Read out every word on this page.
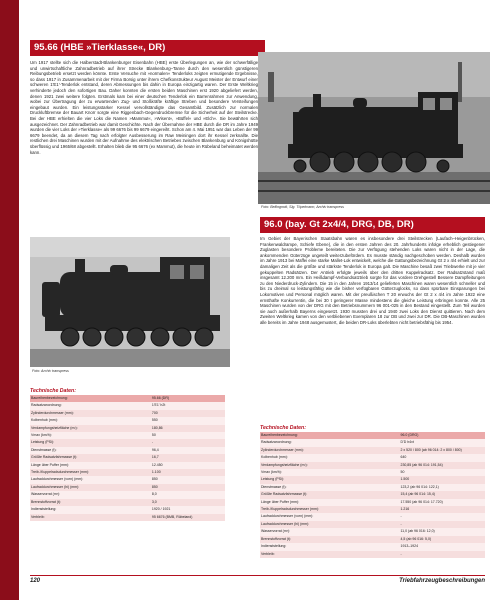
95.66 (HBE »Tierklasse«, DR)
Um 1917 stellte sich die Halberstadt-Blankenburger Eisenbahn (HBE) erste Überlegungen an, wie der schwerfällige und unwirtschaftliche Zahnradbetrieb auf ihrer Strecke Blankenburg–Tanne durch den wesentlich günstigeren Reibungsbetrieb ersetzt werden könnte. Erste Versuche mit »normalen« Tenderloks zeigten ermutigende Ergebnisse, so dass 1917 in Zusammenarbeit mit der Firma Borsig unter ihrem Chefkonstrukteur August Meister der Entwurf einer schweren 1'E1'-Tenderlok entstand, deren Abmessungen bis dahin in Europa einzigartig waren. Der Erste Weltkrieg verhinderte jedoch den sofortigen Bau. Daher konnten die ersten beiden Maschinen erst 1920 abgeliefert werden, denen 1921 zwei weitere folgten. Erstmals kam bei einer deutschen Tenderlok ein Barrenrahmen zur Anwendung, wobei zur Übertragung der zu erwartenden Zug- und Stoßkräfte kräftige Streben und besondere Versteifungen eingebaut wurden. Ein leistungsstarker Kessel vervollständigte das Gesamtbild. Zusätzlich zur normalen Druckluftbremse der Bauart Knorr sorgte eine Riggenbach-Gegendruckbremse für die Sicherheit auf der Steilstrecke. Bei der HBE erhielten die vier Loks die Namen »Mammut«, »Wisent«, »Büffel« und »Elch«. Sie bewährten sich ausgezeichnet. Der Zahnradbetrieb war damit Geschichte. Nach der Übernahme der HBE durch die DR im Jahre 1949 wurden die vier Loks der »Tierklasse« als 99 6676 bis 99 6679 eingereiht. Schon am 4. Mai 1951 war das Leben der 99 6679 beendet, da an diesem Tag nach erfolgter Ausbesserung im Raw Meiningen dort ihr Kessel zerknallte. Die restlichen drei Maschinen wurden mit der Aufnahme des elektrischen Betriebes zwischen Blankenburg und Königshütte überflüssig und 1965/68 abgestellt. Erhalten blieb die 95 6676 (ex Mammut), die heute im Rübeland beheimatet werden kann.
Foto: Bellingrodt, Slg. Töpelmann, Archiv transpress
Foto: Archiv transpress
Technische Daten:
Baureihenbezeichnung:	95.66 (DR)
Radsatzanordnung:	1'E1' h2t
Zylinderdurchmesser (mm):	700
Kolbenhub (mm):	550
Verdampfungsheizfläche (m²):	180,86
Vmax (km/h):	50
Leistung (PSi):	-
Dienstmasse (t):	96,4
Größte Radsatzfahrmasse (t):	16,7
Länge über Puffer (mm):	12.450
Treib-/Kuppelradsdurchmesser (mm):	1.100
Laufraddurchmesser (vorn) (mm):	850
Laufraddurchmesser (hi) (mm):	850
Wasservorrat (m³):	8,0
Brennstoffvorrat (t):	3,0
Indienststellung:	1920 / 1921
Verbleib:	95 6676 (BMB, Rübeland)
96.0 (bay. Gt 2x4/4, DRG, DB, DR)
Im Gebiet der Bayerischen Staatsbahn waren es insbesondere drei Steilstrecken (Laufach–Heigenbrücken, Frankenwaldrampe, Schiefe Ebene), die in den ersten Jahren des 20. Jahrhunderts infolge erheblich gestiegener Zuglasten besondere Probleme bereiteten. Die zur Verfügung stehenden Loks waren nicht in der Lage, die ankommenden Güterzüge ungeteilt weiterzubefördern. Es musste ständig nachgeschoben werden. Deshalb wurden im Jahre 1913 bei Maffei eine starke Mallet-Lok entwickelt, welche die Gattungsbezeichnung Gt 2 x 4/4 erhielt und zur damaligen Zeit als die größte und stärkste Tenderlok in Europa galt. Die Maschine besaß zwei Triebwerke mit je vier gekuppelten Radsätzen. Der Antrieb erfolgte jeweils über den dritten Kuppelradsatz. Der Radsatzstand maß insgesamt 12.200 mm. Ein Heißdampf-Verbundsatztrieb sorgte für das vordere Drehgestell Bessere Dampfleitungen zu den Niederdruck-Zylindern. Die 15 in den Jahren 1913/14 gelieferten Maschinen waren wesentlich schneller und bis zu dreimal so leistungsfähig wie die bisher verfügbaren Gütterzuglocks, so dass spürbare Einsparungen bei Lokomotiven und Personal möglich waren. Mit der preußischen T 20 erwuchs der Gt 2 x 4/4 im Jahre 1922 eine ernsthafte Konkurrentin, die bei 30 t geringerer Masse mindestens die gleiche Leistung erbringen konnte. Alle 25 Maschinen wurden von der DRG mit den Betriebsnummern 96 001-025 in den Bestand eingestellt. Zum Teil wurden sie auch außerhalb Bayerns eingesetzt. 1930 mussten drei und 1940 zwei Loks den Dienst quittieren. Nach dem Zweiten Weltkrieg kamen von den verbliebenen Exemplaren 18 zur DB und zwei zur DR. Die DB-Maschinen wurden alle bereits im Jahre 1948 ausgemustert, die beiden DR-Loks überlebten nicht betriebsfähig bis 1954.
Technische Daten:
Baureihenbezeichnung:	96.0 (DRG)
Radsatzanordnung:	D'D h4vt
Zylinderdurchmesser (mm):	2 x 520 / 800 (ab 96 014: 2 x 800 / 800)
Kolbenhub (mm):	640
Verdampfungsheizfläche (m²):	230,85 (ab 96 014: 191,54)
Vmax (km/h):	50
Leistung (PSi):	1.500
Dienstmasse (t):	123,2 (ab 96 014: 122,1)
Größte Radsatzfahrmasse (t):	15,4 (ab 96 014: 15,4)
Länge über Puffer (mm):	17.550 (ab 96 014: 17.720)
Treib-/Kuppelradsdurchmesser (mm):	1.216
Laufraddurchmesser (vorn) (mm):	-
Laufraddurchmesser (hi) (mm):	-
Wasservorrat (m³):	11,0 (ab 96 016: 12,0)
Brennstoffvorrat (t):	4,5 (ab 96 016: 5,0)
Indienststellung:	1913–1924
Verbleib:	-
120	Triebfahrzeugbeschreibungen
